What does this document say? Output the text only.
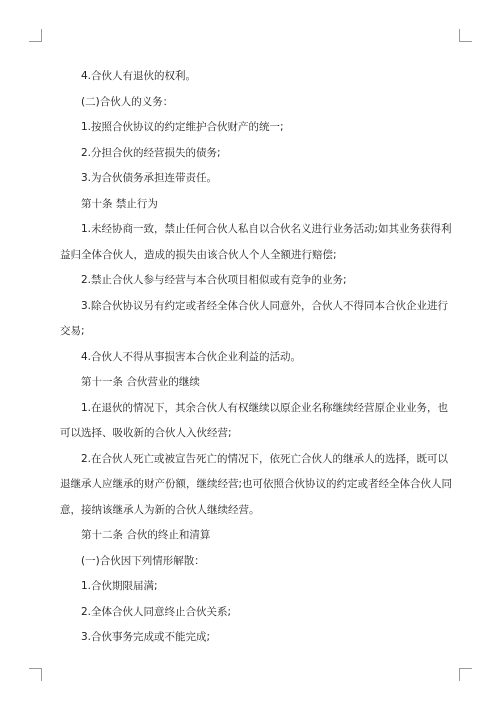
4.合伙人有退伙的权利。
(二)合伙人的义务：
1.按照合伙协议的约定维护合伙财产的统一;
2.分担合伙的经营损失的债务;
3.为合伙债务承担连带责任。
第十条 禁止行为
1.未经协商一致，禁止任何合伙人私自以合伙名义进行业务活动;如其业务获得利
益归全体合伙人，造成的损失由该合伙人个人全额进行赔偿;
2.禁止合伙人参与经营与本合伙项目相似或有竞争的业务;
3.除合伙协议另有约定或者经全体合伙人同意外，合伙人不得同本合伙企业进行
交易;
4.合伙人不得从事损害本合伙企业利益的活动。
第十一条 合伙营业的继续
1.在退伙的情况下，其余合伙人有权继续以原企业名称继续经营原企业业务，也
可以选择、吸收新的合伙人入伙经营;
2.在合伙人死亡或被宣告死亡的情况下，依死亡合伙人的继承人的选择，既可以
退继承人应继承的财产份额，继续经营;也可依照合伙协议的约定或者经全体合伙人同
意，接纳该继承人为新的合伙人继续经营。
第十二条 合伙的终止和清算
(一)合伙因下列情形解散：
1.合伙期限届满;
2.全体合伙人同意终止合伙关系;
3.合伙事务完成或不能完成;
